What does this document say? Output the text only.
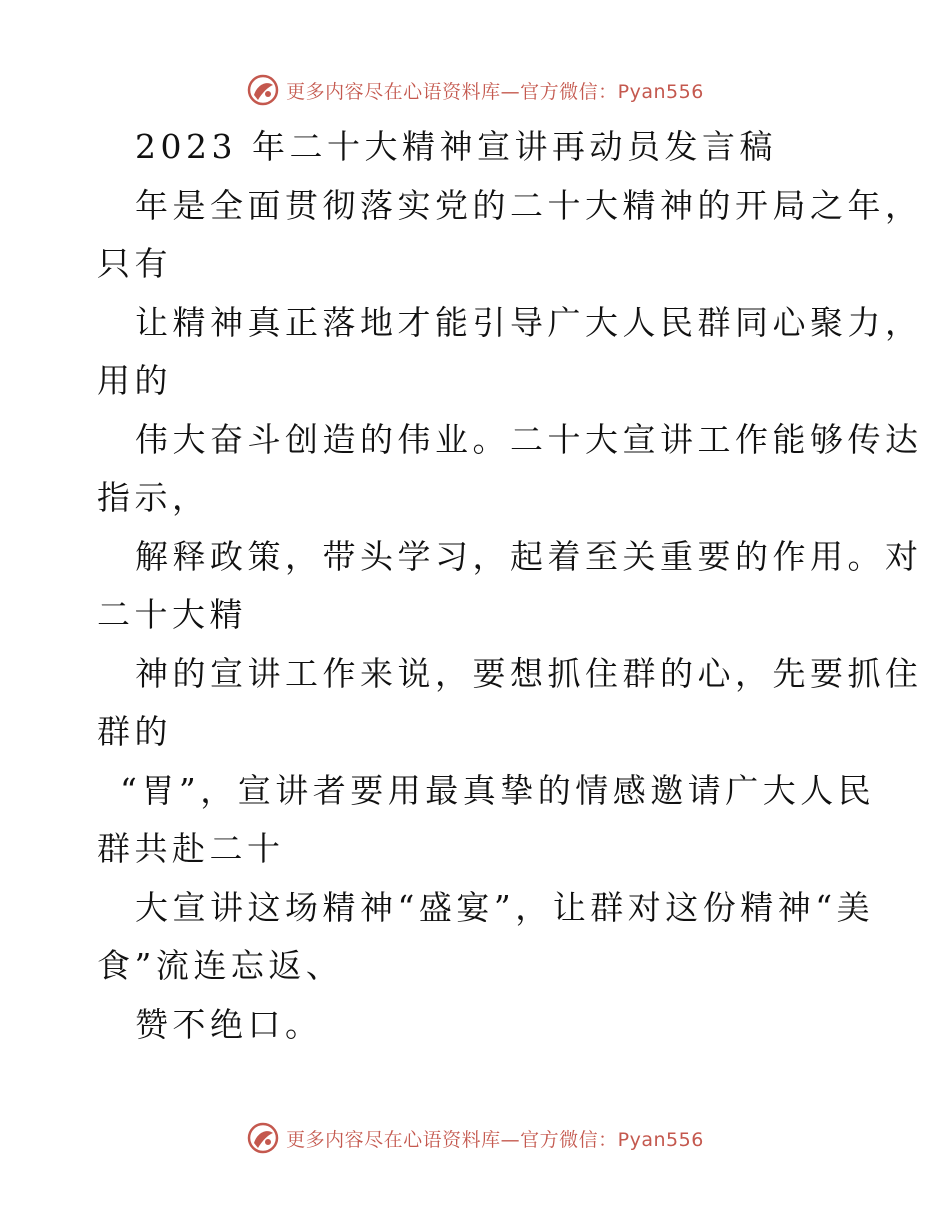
更多内容尽在心语资料库—官方微信：Pyan556
2023 年二十大精神宣讲再动员发言稿
年是全面贯彻落实党的二十大精神的开局之年，
只有
让精神真正落地才能引导广大人民群同心聚力，
用的
伟大奋斗创造的伟业。二十大宣讲工作能够传达
指示，
解释政策，带头学习，起着至关重要的作用。对
二十大精
神的宣讲工作来说，要想抓住群的心，先要抓住
群的
“胃”，宣讲者要用最真挚的情感邀请广大人民
群共赴二十
大宣讲这场精神“盛宴”，让群对这份精神“美
食”流连忘返、
赞不绝口。
更多内容尽在心语资料库—官方微信：Pyan556
